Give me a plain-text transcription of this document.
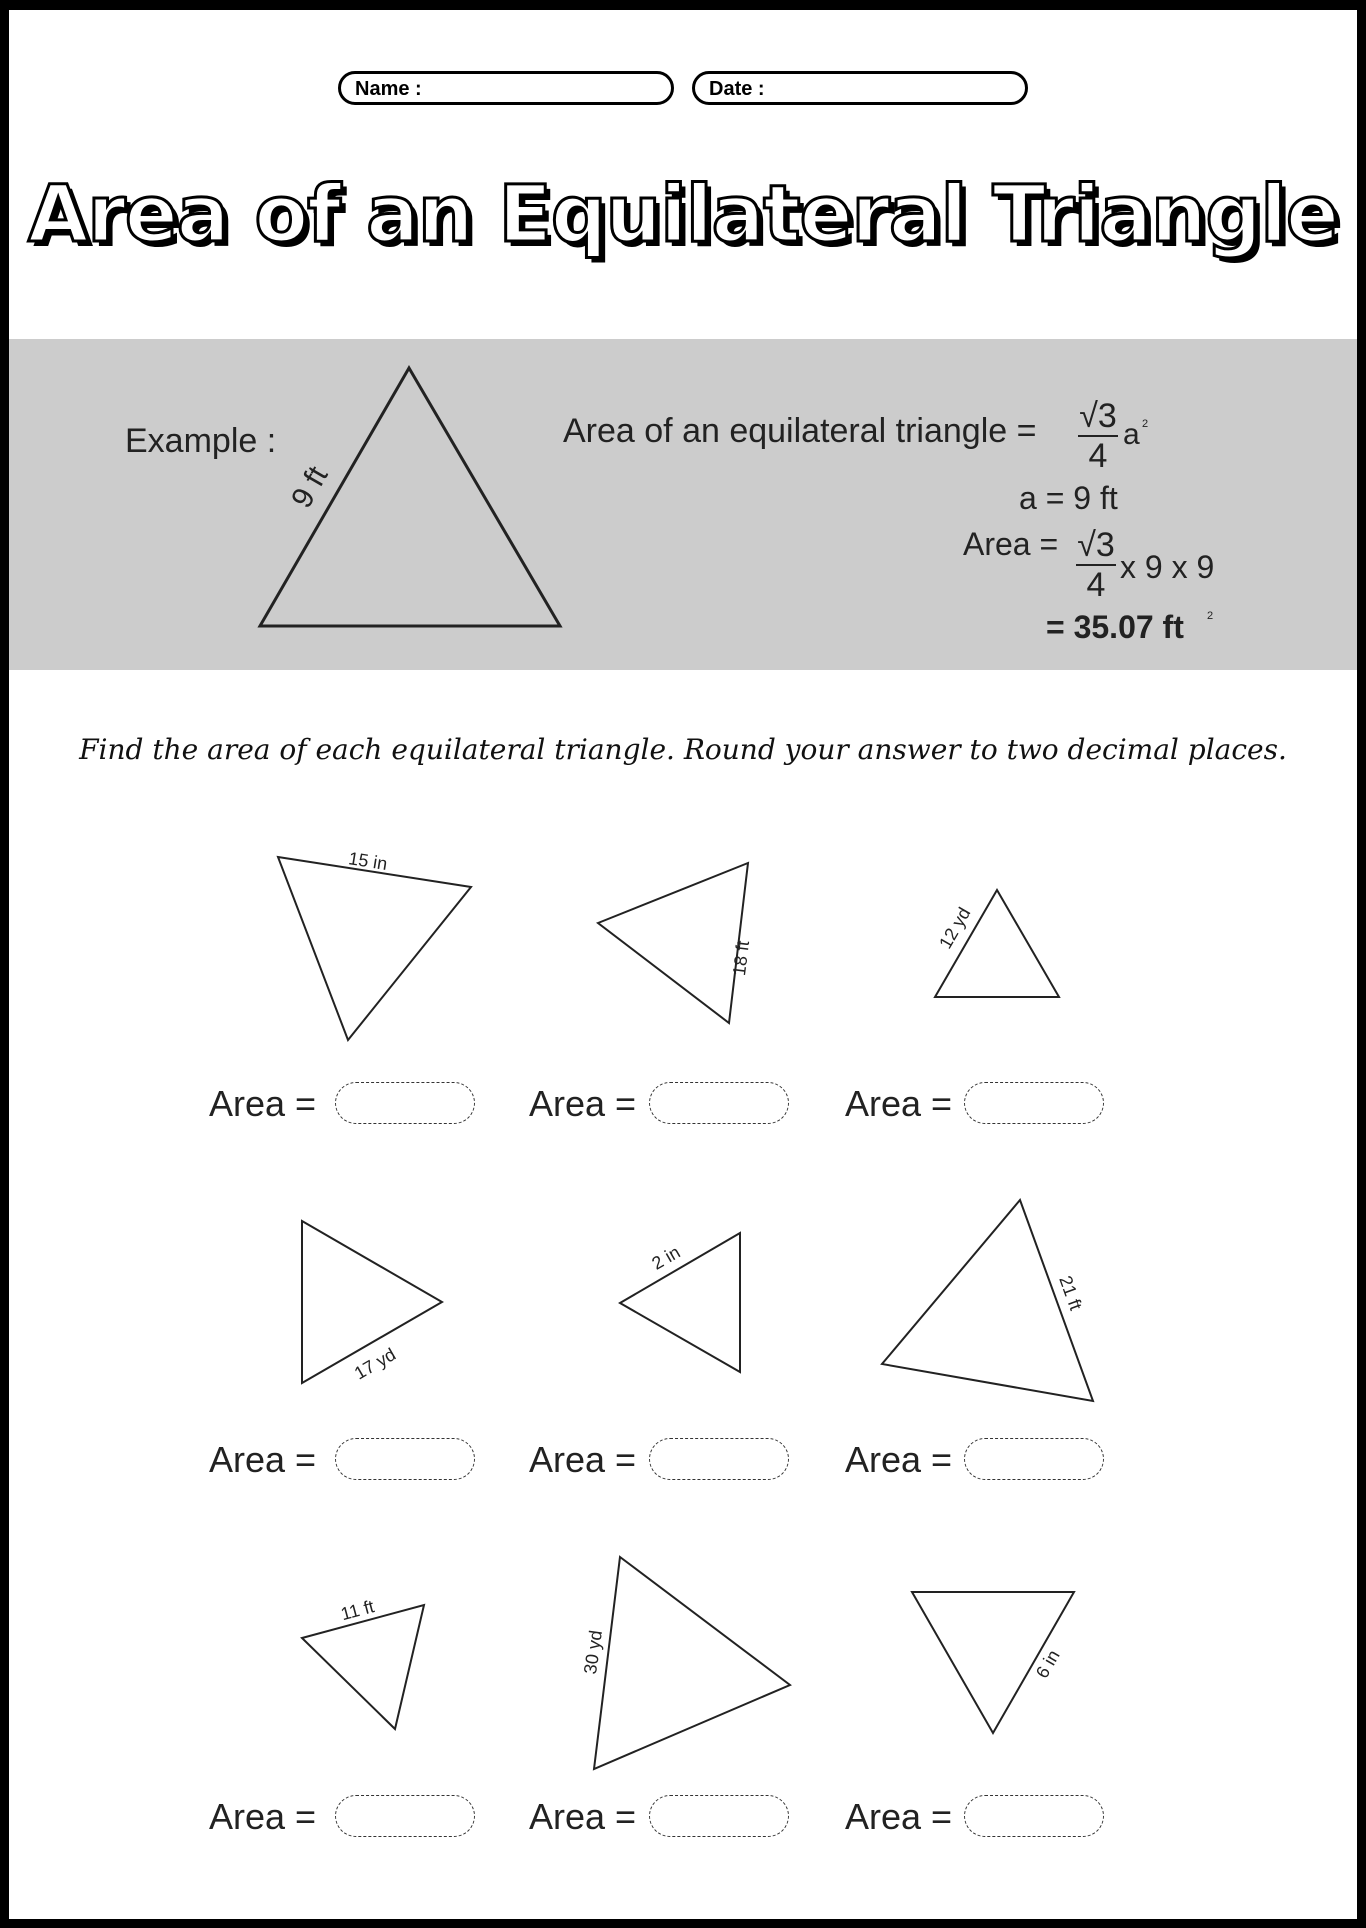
Name :	Date :
Area of an Equilateral Triangle
Example :
9 ft
Area of an equilateral triangle = $\frac{√3}{4}$ a 2
a = 9 ft
Area = $\frac{√3}{4}$ x 9 x 9
= 35.07 ft 2
Find the area of each equilateral triangle. Round your answer to two decimal places.
15 in
18 ft
12 yd
17 yd
2 in
21 ft
11 ft
30 yd	6 in
Area =	Area =	Area =
Area =	Area =	Area =
Area =	Area =	Area =
